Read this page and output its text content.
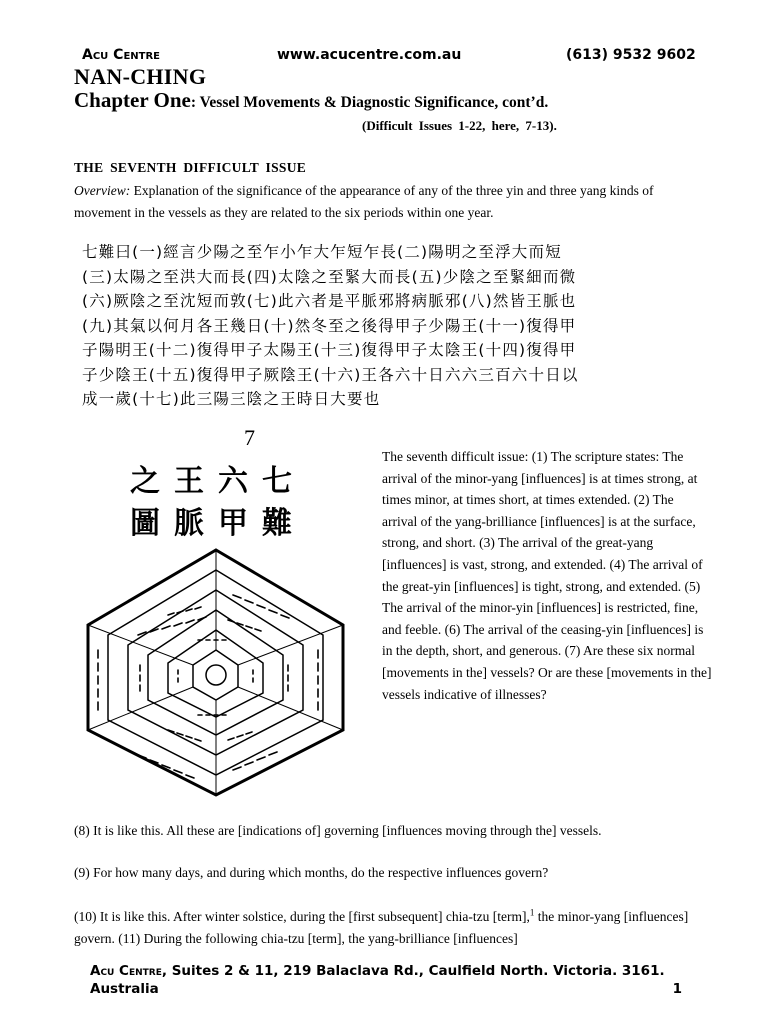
Acu Centre	www.acucentre.com.au	(613) 9532 9602
NAN-CHING
Chapter One: Vessel Movements & Diagnostic Significance, cont’d.
(Difficult Issues 1-22, here, 7-13).
THE SEVENTH DIFFICULT ISSUE
Overview: Explanation of the significance of the appearance of any of the three yin and three yang kinds of movement in the vessels as they are related to the six periods within one year.
七難曰(一)經言少陽之至乍小乍大乍短乍長(二)陽明之至浮大而短
(三)太陽之至洪大而長(四)太陰之至緊大而長(五)少陰之至緊細而微
(六)厥陰之至沈短而敦(七)此六者是平脈邪將病脈邪(八)然皆王脈也
(九)其氣以何月各王幾日(十)然冬至之後得甲子少陽王(十一)復得甲
子陽明王(十二)復得甲子太陽王(十三)復得甲子太陰王(十四)復得甲
子少陰王(十五)復得甲子厥陰王(十六)王各六十日六六三百六十日以
成一歲(十七)此三陽三陰之王時日大要也
7
之王六七
圖脈甲難
The seventh difficult issue: (1) The scripture states: The arrival of the minor-yang [influences] is at times strong, at times minor, at times short, at times extended. (2) The arrival of the yang-brilliance [influences] is at the surface, strong, and short. (3) The arrival of the great-yang [influences] is vast, strong, and extended. (4) The arrival of the great-yin [influences] is tight, strong, and extended. (5) The arrival of the minor-yin [influences] is restricted, fine, and feeble. (6) The arrival of the ceasing-yin [influences] is in the depth, short, and generous. (7) Are these six normal [movements in the] vessels? Or are these [movements in the] vessels indicative of illnesses?
(8) It is like this. All these are [indications of] governing [influences moving through the] vessels.
(9) For how many days, and during which months, do the respective influences govern?
(10) It is like this. After winter solstice, during the [first subsequent] chia-tzu [term],$^1$ the minor-yang [influences] govern. (11) During the following chia-tzu [term], the yang-brilliance [influences]
Acu Centre, Suites 2 & 11, 219 Balaclava Rd., Caulfield North. Victoria. 3161.
Australia	1
